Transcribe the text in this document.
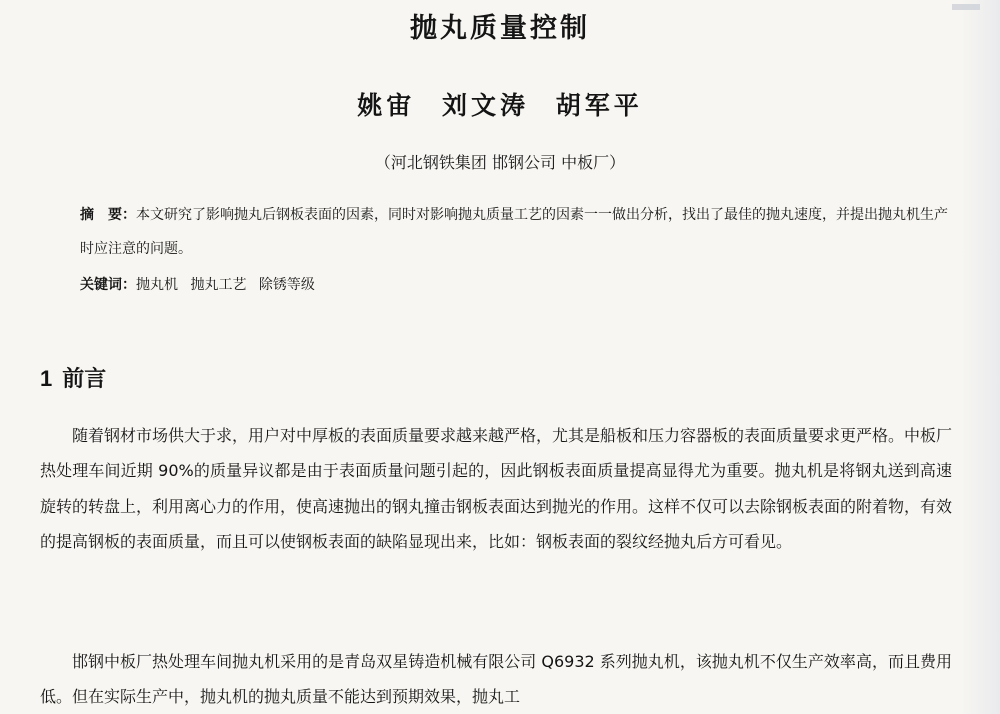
抛丸质量控制

姚宙 刘文涛 胡军平

（河北钢铁集团 邯钢公司 中板厂）

摘　要：本文研究了影响抛丸后钢板表面的因素，同时对影响抛丸质量工艺的因素一一做出分析，找出了最佳的抛丸速度，并提出抛丸机生产时应注意的问题。

关键词：抛丸机 抛丸工艺 除锈等级

1 前言

随着钢材市场供大于求，用户对中厚板的表面质量要求越来越严格，尤其是船板和压力容器板的表面质量要求更严格。中板厂热处理车间近期 90%的质量异议都是由于表面质量问题引起的，因此钢板表面质量提高显得尤为重要。抛丸机是将钢丸送到高速旋转的转盘上，利用离心力的作用，使高速抛出的钢丸撞击钢板表面达到抛光的作用。这样不仅可以去除钢板表面的附着物，有效的提高钢板的表面质量，而且可以使钢板表面的缺陷显现出来，比如：钢板表面的裂纹经抛丸后方可看见。

邯钢中板厂热处理车间抛丸机采用的是青岛双星铸造机械有限公司 Q6932 系列抛丸机，该抛丸机不仅生产效率高，而且费用低。但在实际生产中，抛丸机的抛丸质量不能达到预期效果，抛丸工
